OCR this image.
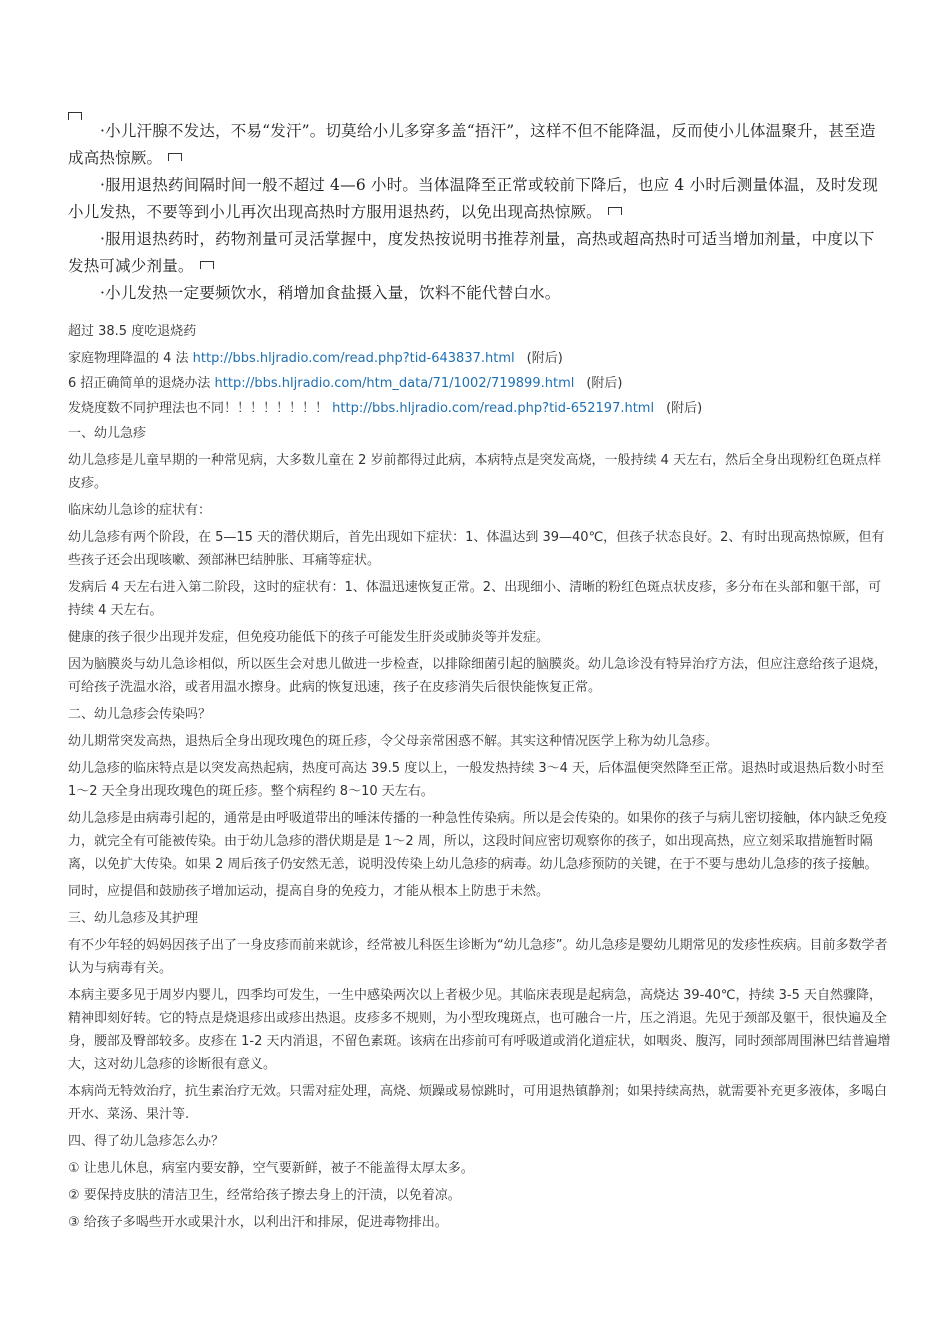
·小儿汗腺不发达，不易“发汗”。切莫给小儿多穿多盖“捂汗”，这样不但不能降温，反而使小儿体温聚升，甚至造成高热惊厥。

·服用退热药间隔时间一般不超过 4—6 小时。当体温降至正常或较前下降后，也应 4 小时后测量体温，及时发现小儿发热，不要等到小儿再次出现高热时方服用退热药，以免出现高热惊厥。

·服用退热药时，药物剂量可灵活掌握中，度发热按说明书推荐剂量，高热或超高热时可适当增加剂量，中度以下发热可减少剂量。

·小儿发热一定要频饮水，稍增加食盐摄入量，饮料不能代替白水。

超过 38.5 度吃退烧药

家庭物理降温的 4 法 http://bbs.hljradio.com/read.php?tid-643837.html (附后)

6 招正确简单的退烧办法 http://bbs.hljradio.com/htm_data/71/1002/719899.html (附后)

发烧度数不同护理法也不同！！！！！！！！ http://bbs.hljradio.com/read.php?tid-652197.html (附后)

一、幼儿急疹

幼儿急疹是儿童早期的一种常见病，大多数儿童在 2 岁前都得过此病，本病特点是突发高烧，一般持续 4 天左右，然后全身出现粉红色斑点样皮疹。

临床幼儿急诊的症状有：

幼儿急疹有两个阶段，在 5—15 天的潜伏期后，首先出现如下症状：1、体温达到 39—40℃，但孩子状态良好。2、有时出现高热惊厥，但有些孩子还会出现咳嗽、颈部淋巴结肿胀、耳痛等症状。

发病后 4 天左右进入第二阶段，这时的症状有：1、体温迅速恢复正常。2、出现细小、清晰的粉红色斑点状皮疹，多分布在头部和躯干部，可持续 4 天左右。

健康的孩子很少出现并发症，但免疫功能低下的孩子可能发生肝炎或肺炎等并发症。

因为脑膜炎与幼儿急诊相似，所以医生会对患儿做进一步检查，以排除细菌引起的脑膜炎。幼儿急诊没有特异治疗方法，但应注意给孩子退烧，可给孩子洗温水浴，或者用温水擦身。此病的恢复迅速，孩子在皮疹消失后很快能恢复正常。

二、幼儿急疹会传染吗？

幼儿期常突发高热，退热后全身出现玫瑰色的斑丘疹，令父母亲常困惑不解。其实这种情况医学上称为幼儿急疹。

幼儿急疹的临床特点是以突发高热起病，热度可高达 39.5 度以上，一般发热持续 3～4 天，后体温便突然降至正常。退热时或退热后数小时至 1～2 天全身出现玫瑰色的斑丘疹。整个病程约 8～10 天左右。

幼儿急疹是由病毒引起的，通常是由呼吸道带出的唾沫传播的一种急性传染病。所以是会传染的。如果你的孩子与病儿密切接触，体内缺乏免疫力，就完全有可能被传染。由于幼儿急疹的潜伏期是是 1～2 周，所以，这段时间应密切观察你的孩子，如出现高热，应立刻采取措施暂时隔离，以免扩大传染。如果 2 周后孩子仍安然无恙，说明没传染上幼儿急疹的病毒。幼儿急疹预防的关键，在于不要与患幼儿急疹的孩子接触。

同时，应提倡和鼓励孩子增加运动，提高自身的免疫力，才能从根本上防患于未然。

三、幼儿急疹及其护理

有不少年轻的妈妈因孩子出了一身皮疹而前来就诊，经常被儿科医生诊断为“幼儿急疹”。幼儿急疹是婴幼儿期常见的发疹性疾病。目前多数学者认为与病毒有关。

本病主要多见于周岁内婴儿，四季均可发生，一生中感染两次以上者极少见。其临床表现是起病急，高烧达 39-40℃，持续 3-5 天自然骤降，精神即刻好转。它的特点是烧退疹出或疹出热退。皮疹多不规则，为小型玫瑰斑点，也可融合一片，压之消退。先见于颈部及躯干，很快遍及全身，腰部及臀部较多。皮疹在 1-2 天内消退，不留色素斑。该病在出疹前可有呼吸道或消化道症状，如咽炎、腹泻，同时颈部周围淋巴结普遍增大，这对幼儿急疹的诊断很有意义。

本病尚无特效治疗，抗生素治疗无效。只需对症处理，高烧、烦躁或易惊跳时，可用退热镇静剂；如果持续高热，就需要补充更多液体，多喝白开水、菜汤、果汁等.

四、得了幼儿急疹怎么办？

① 让患儿休息，病室内要安静，空气要新鲜，被子不能盖得太厚太多。

② 要保持皮肤的清洁卫生，经常给孩子擦去身上的汗渍，以免着凉。

③ 给孩子多喝些开水或果汁水，以利出汗和排尿，促进毒物排出。
